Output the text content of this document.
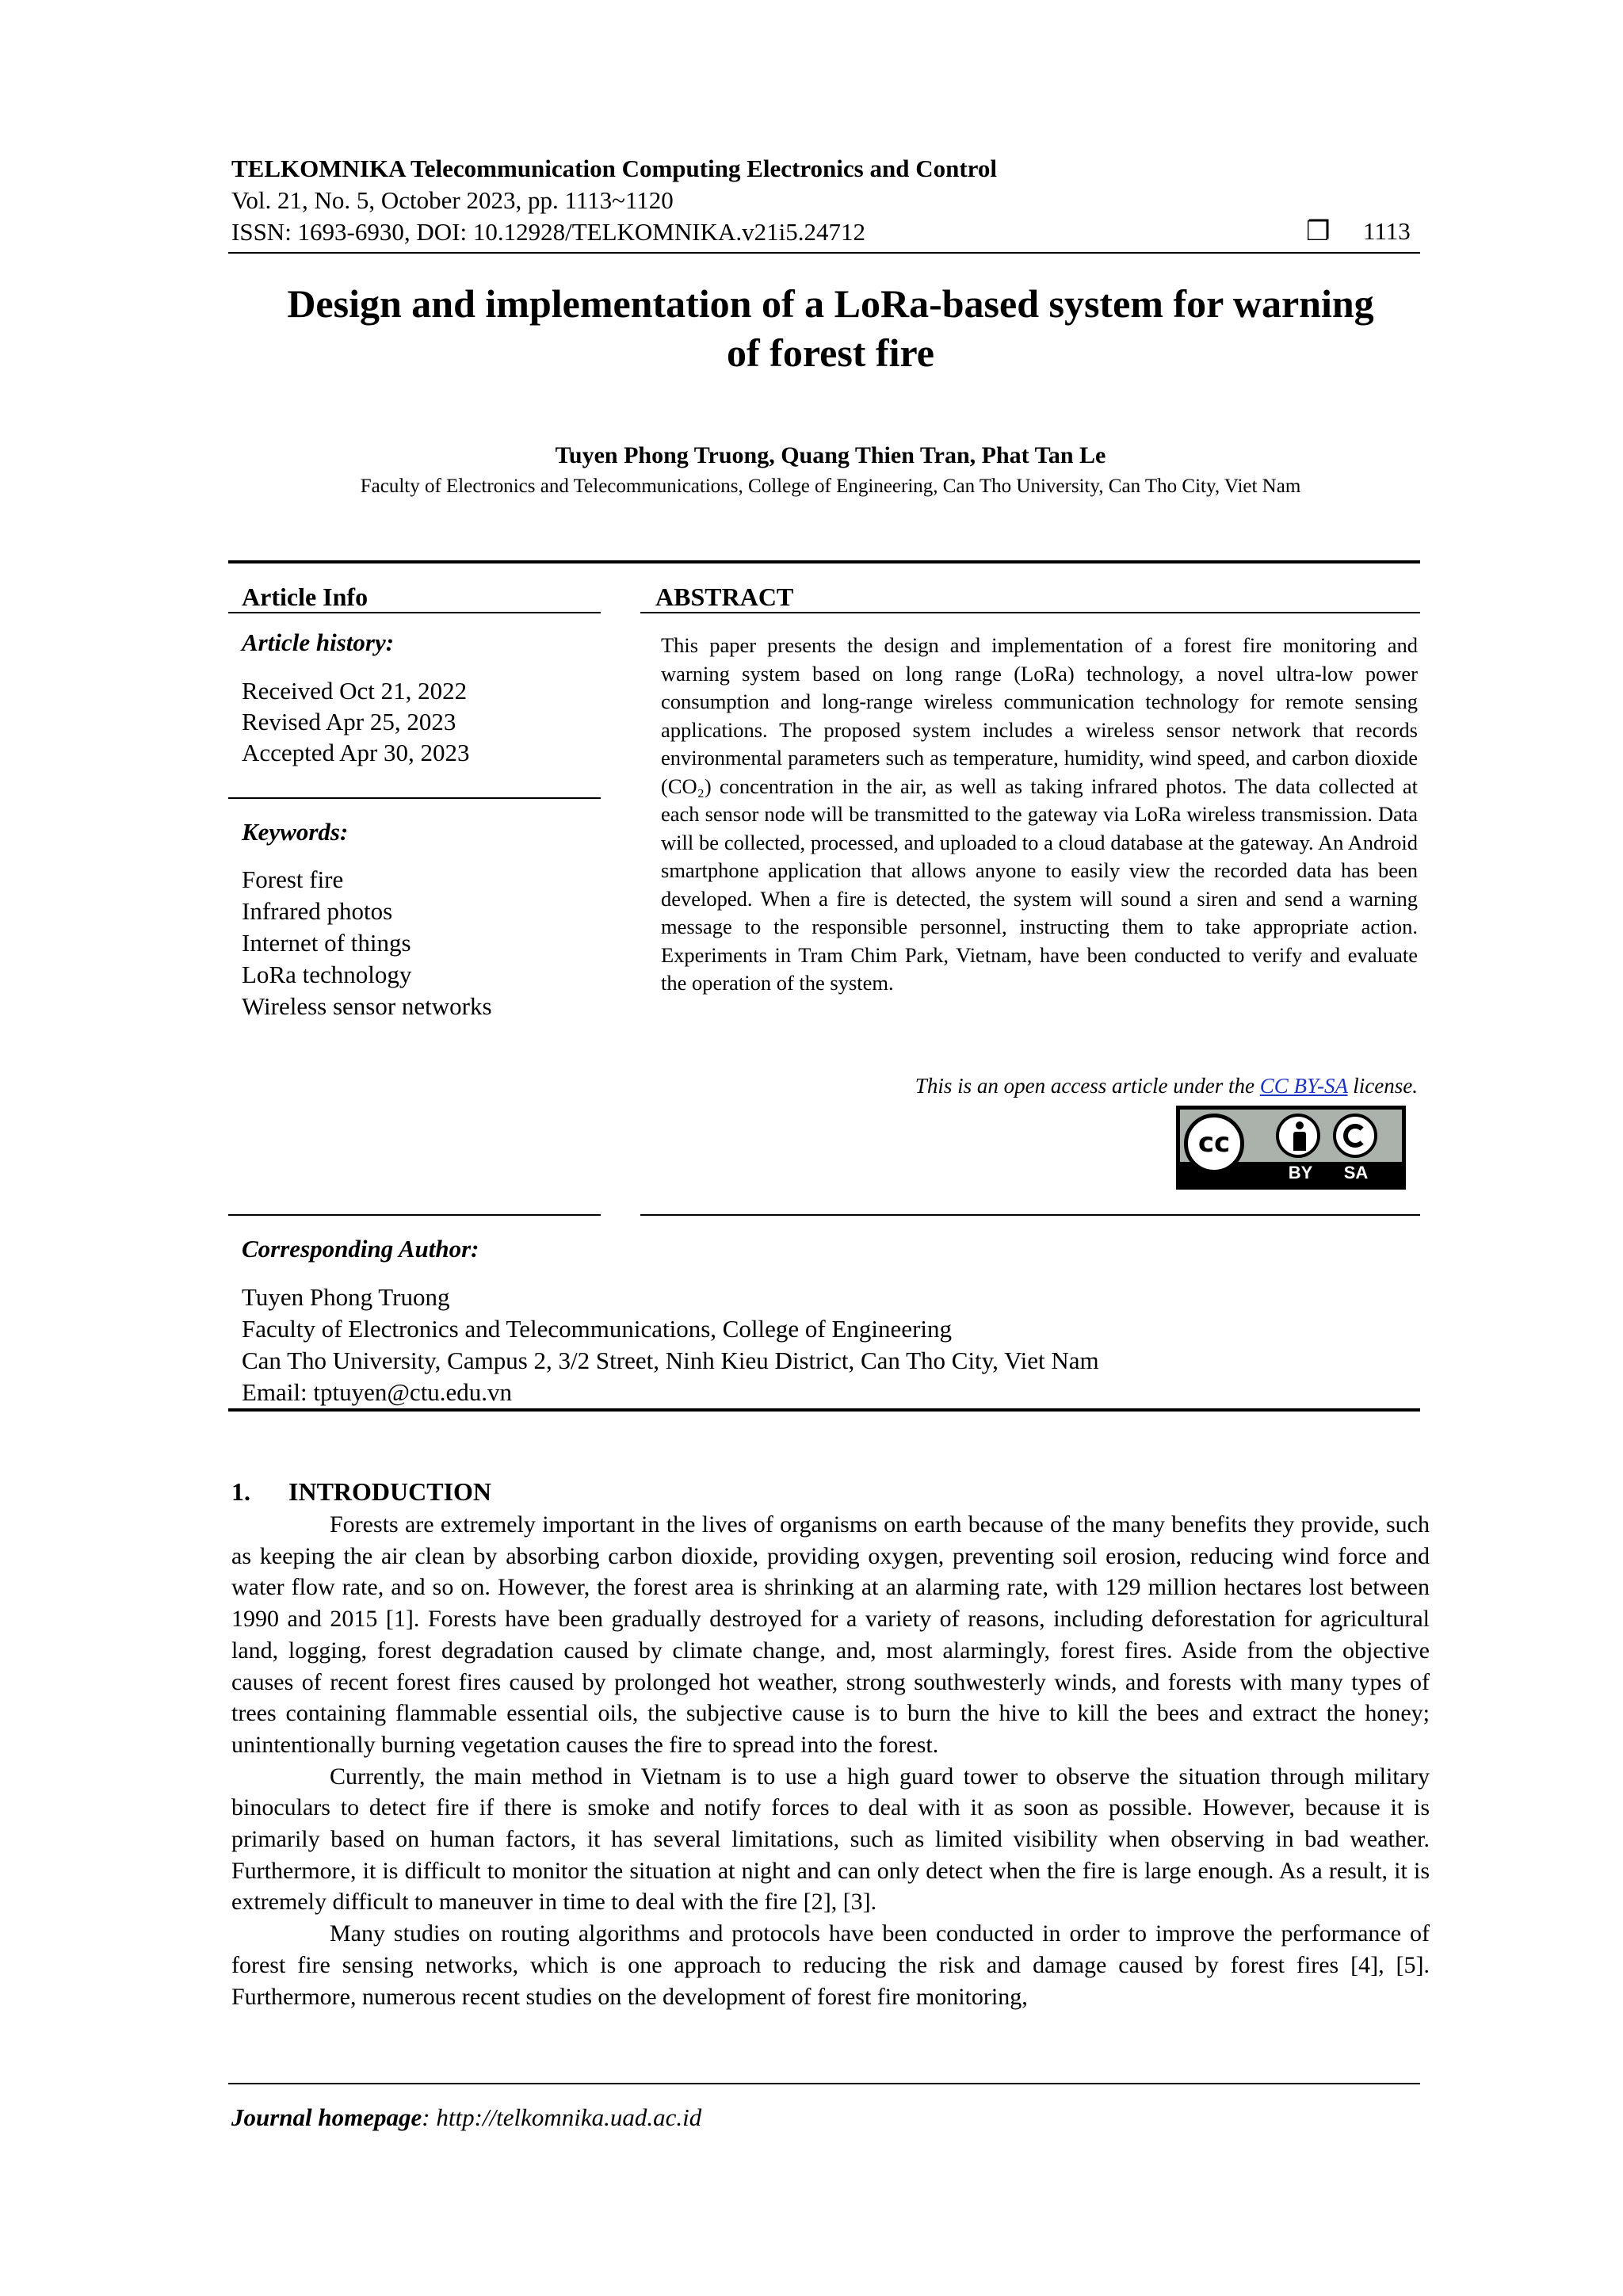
TELKOMNIKA Telecommunication Computing Electronics and Control
Vol. 21, No. 5, October 2023, pp. 1113~1120
ISSN: 1693-6930, DOI: 10.12928/TELKOMNIKA.v21i5.24712	❐ 1113
Design and implementation of a LoRa-based system for warning
of forest fire
Tuyen Phong Truong, Quang Thien Tran, Phat Tan Le
Faculty of Electronics and Telecommunications, College of Engineering, Can Tho University, Can Tho City, Viet Nam
Article Info
Article history:
Received Oct 21, 2022
Revised Apr 25, 2023
Accepted Apr 30, 2023
Keywords:
Forest fire
Infrared photos
Internet of things
LoRa technology
Wireless sensor networks
ABSTRACT

This paper presents the design and implementation of a forest fire monitoring and warning system based on long range (LoRa) technology, a novel ultra-low power consumption and long-range wireless communication technology for remote sensing applications. The proposed system includes a wireless sensor network that records environmental parameters such as temperature, humidity, wind speed, and carbon dioxide (CO₂) concentration in the air, as well as taking infrared photos. The data collected at each sensor node will be transmitted to the gateway via LoRa wireless transmission. Data will be collected, processed, and uploaded to a cloud database at the gateway. An Android smartphone application that allows anyone to easily view the recorded data has been developed. When a fire is detected, the system will sound a siren and send a warning message to the responsible personnel, instructing them to take appropriate action. Experiments in Tram Chim Park, Vietnam, have been conducted to verify and evaluate the operation of the system.

This is an open access article under the CC BY-SA license.
cc
BY	SA
Corresponding Author:
Tuyen Phong Truong
Faculty of Electronics and Telecommunications, College of Engineering
Can Tho University, Campus 2, 3/2 Street, Ninh Kieu District, Can Tho City, Viet Nam
Email: tptuyen@ctu.edu.vn
1. INTRODUCTION

Forests are extremely important in the lives of organisms on earth because of the many benefits they provide, such as keeping the air clean by absorbing carbon dioxide, providing oxygen, preventing soil erosion, reducing wind force and water flow rate, and so on. However, the forest area is shrinking at an alarming rate, with 129 million hectares lost between 1990 and 2015 [1]. Forests have been gradually destroyed for a variety of reasons, including deforestation for agricultural land, logging, forest degradation caused by climate change, and, most alarmingly, forest fires. Aside from the objective causes of recent forest fires caused by prolonged hot weather, strong southwesterly winds, and forests with many types of trees containing flammable essential oils, the subjective cause is to burn the hive to kill the bees and extract the honey; unintentionally burning vegetation causes the fire to spread into the forest.

Currently, the main method in Vietnam is to use a high guard tower to observe the situation through military binoculars to detect fire if there is smoke and notify forces to deal with it as soon as possible. However, because it is primarily based on human factors, it has several limitations, such as limited visibility when observing in bad weather. Furthermore, it is difficult to monitor the situation at night and can only detect when the fire is large enough. As a result, it is extremely difficult to maneuver in time to deal with the fire [2], [3].

Many studies on routing algorithms and protocols have been conducted in order to improve the performance of forest fire sensing networks, which is one approach to reducing the risk and damage caused by forest fires [4], [5]. Furthermore, numerous recent studies on the development of forest fire monitoring,

Journal homepage: http://telkomnika.uad.ac.id
